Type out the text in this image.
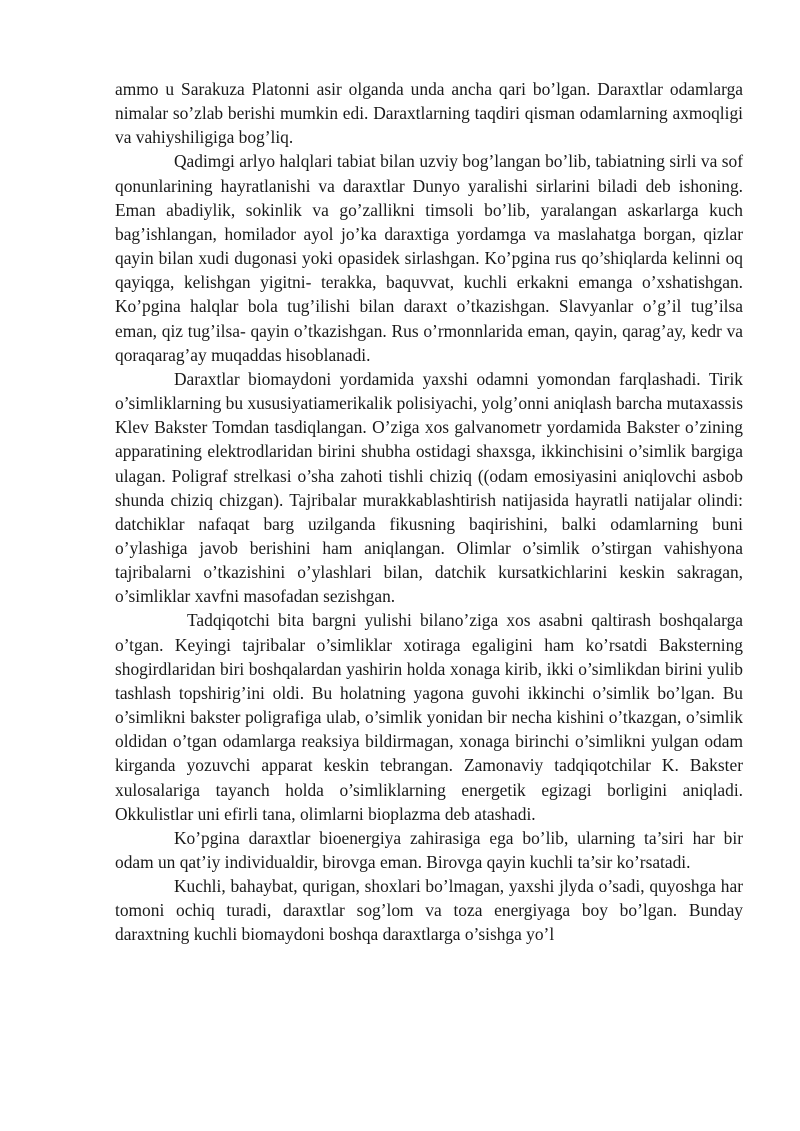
ammo u Sarakuza Platonni asir olganda unda ancha qari bo’lgan. Daraxtlar odamlarga nimalar so’zlab berishi mumkin edi. Daraxtlarning taqdiri qisman odamlarning axmoqligi va vahiyshiligiga bog’liq.

Qadimgi arlyo halqlari tabiat bilan uzviy bog’langan bo’lib, tabiatning sirli va sof qonunlarining hayratlanishi va daraxtlar Dunyo yaralishi sirlarini biladi deb ishoning. Eman abadiylik, sokinlik va go’zallikni timsoli bo’lib, yaralangan askarlarga kuch bag’ishlangan, homilador ayol jo’ka daraxtiga yordamga va maslahatga borgan, qizlar qayin bilan xudi dugonasi yoki opasidek sirlashgan. Ko’pgina rus qo’shiqlarda kelinni oq qayiqga, kelishgan yigitni- terakka, baquvvat, kuchli erkakni emanga o’xshatishgan. Ko’pgina halqlar bola tug’ilishi bilan daraxt o’tkazishgan. Slavyanlar o’g’il tug’ilsa eman, qiz tug’ilsa- qayin o’tkazishgan. Rus o’rmonnlarida eman, qayin, qarag’ay, kedr va qoraqarag’ay muqaddas hisoblanadi.

Daraxtlar biomaydoni yordamida yaxshi odamni yomondan farqlashadi. Tirik o’simliklarning bu xususiyatiamerikalik polisiyachi, yolg’onni aniqlash barcha mutaxassis Klev Bakster Tomdan tasdiqlangan. O’ziga xos galvanometr yordamida Bakster o’zining apparatining elektrodlaridan birini shubha ostidagi shaxsga, ikkinchisini o’simlik bargiga ulagan. Poligraf strelkasi o’sha zahoti tishli chiziq ((odam emosiyasini aniqlovchi asbob shunda chiziq chizgan). Tajribalar murakkablashtirish natijasida hayratli natijalar olindi: datchiklar nafaqat barg uzilganda fikusning baqirishini, balki odamlarning buni o’ylashiga javob berishini ham aniqlangan. Olimlar o’simlik o’stirgan vahishyona tajribalarni o’tkazishini o’ylashlari bilan, datchik kursatkichlarini keskin sakragan, o’simliklar xavfni masofadan sezishgan.

Tadqiqotchi bita bargni yulishi bilano’ziga xos asabni qaltirash boshqalarga o’tgan. Keyingi tajribalar o’simliklar xotiraga egaligini ham ko’rsatdi Baksterning shogirdlaridan biri boshqalardan yashirin holda xonaga kirib, ikki o’simlikdan birini yulib tashlash topshirig’ini oldi. Bu holatning yagona guvohi ikkinchi o’simlik bo’lgan. Bu o’simlikni bakster poligrafiga ulab, o’simlik yonidan bir necha kishini o’tkazgan, o’simlik oldidan o’tgan odamlarga reaksiya bildirmagan, xonaga birinchi o’simlikni yulgan odam kirganda yozuvchi apparat keskin tebrangan. Zamonaviy tadqiqotchilar K. Bakster xulosalariga tayanch holda o’simliklarning energetik egizagi borligini aniqladi. Okkulistlar uni efirli tana, olimlarni bioplazma deb atashadi.

Ko’pgina daraxtlar bioenergiya zahirasiga ega bo’lib, ularning ta’siri har bir odam un qat’iy individualdir, birovga eman. Birovga qayin kuchli ta’sir ko’rsatadi.

Kuchli, bahaybat, qurigan, shoxlari bo’lmagan, yaxshi jlyda o’sadi, quyoshga har tomoni ochiq turadi, daraxtlar sog’lom va toza energiyaga boy bo’lgan. Bunday daraxtning kuchli biomaydoni boshqa daraxtlarga o’sishga yo’l
